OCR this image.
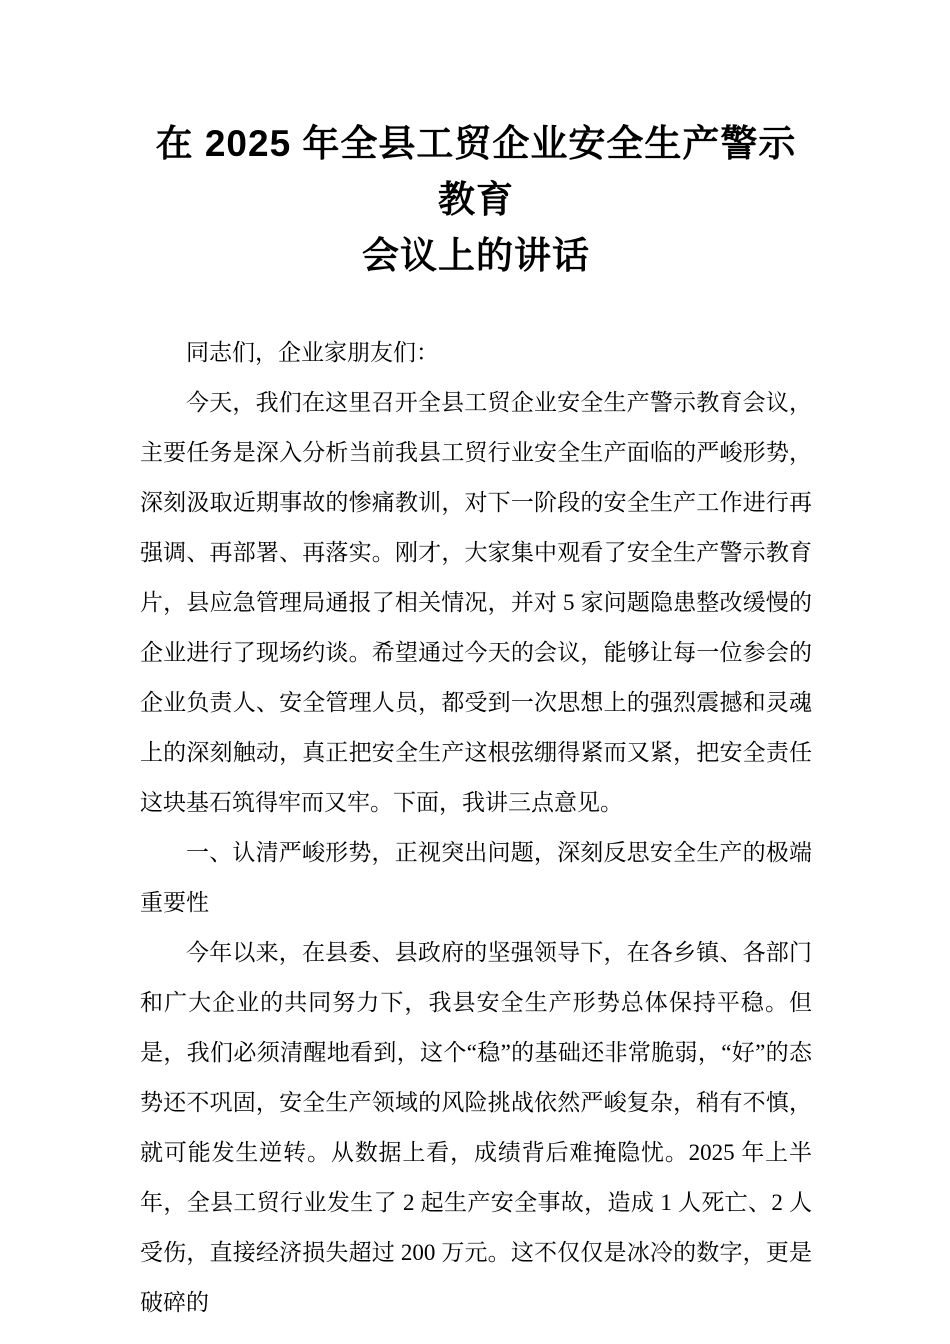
在 2025 年全县工贸企业安全生产警示教育
会议上的讲话

同志们，企业家朋友们：

今天，我们在这里召开全县工贸企业安全生产警示教育会议，主要任务是深入分析当前我县工贸行业安全生产面临的严峻形势，深刻汲取近期事故的惨痛教训，对下一阶段的安全生产工作进行再强调、再部署、再落实。刚才，大家集中观看了安全生产警示教育片，县应急管理局通报了相关情况，并对 5 家问题隐患整改缓慢的企业进行了现场约谈。希望通过今天的会议，能够让每一位参会的企业负责人、安全管理人员，都受到一次思想上的强烈震撼和灵魂上的深刻触动，真正把安全生产这根弦绷得紧而又紧，把安全责任这块基石筑得牢而又牢。下面，我讲三点意见。

一、认清严峻形势，正视突出问题，深刻反思安全生产的极端重要性

今年以来，在县委、县政府的坚强领导下，在各乡镇、各部门和广大企业的共同努力下，我县安全生产形势总体保持平稳。但是，我们必须清醒地看到，这个“稳”的基础还非常脆弱，“好”的态势还不巩固，安全生产领域的风险挑战依然严峻复杂，稍有不慎，就可能发生逆转。从数据上看，成绩背后难掩隐忧。2025 年上半年，全县工贸行业发生了 2 起生产安全事故，造成 1 人死亡、2 人受伤，直接经济损失超过 200 万元。这不仅仅是冰冷的数字，更是破碎的
